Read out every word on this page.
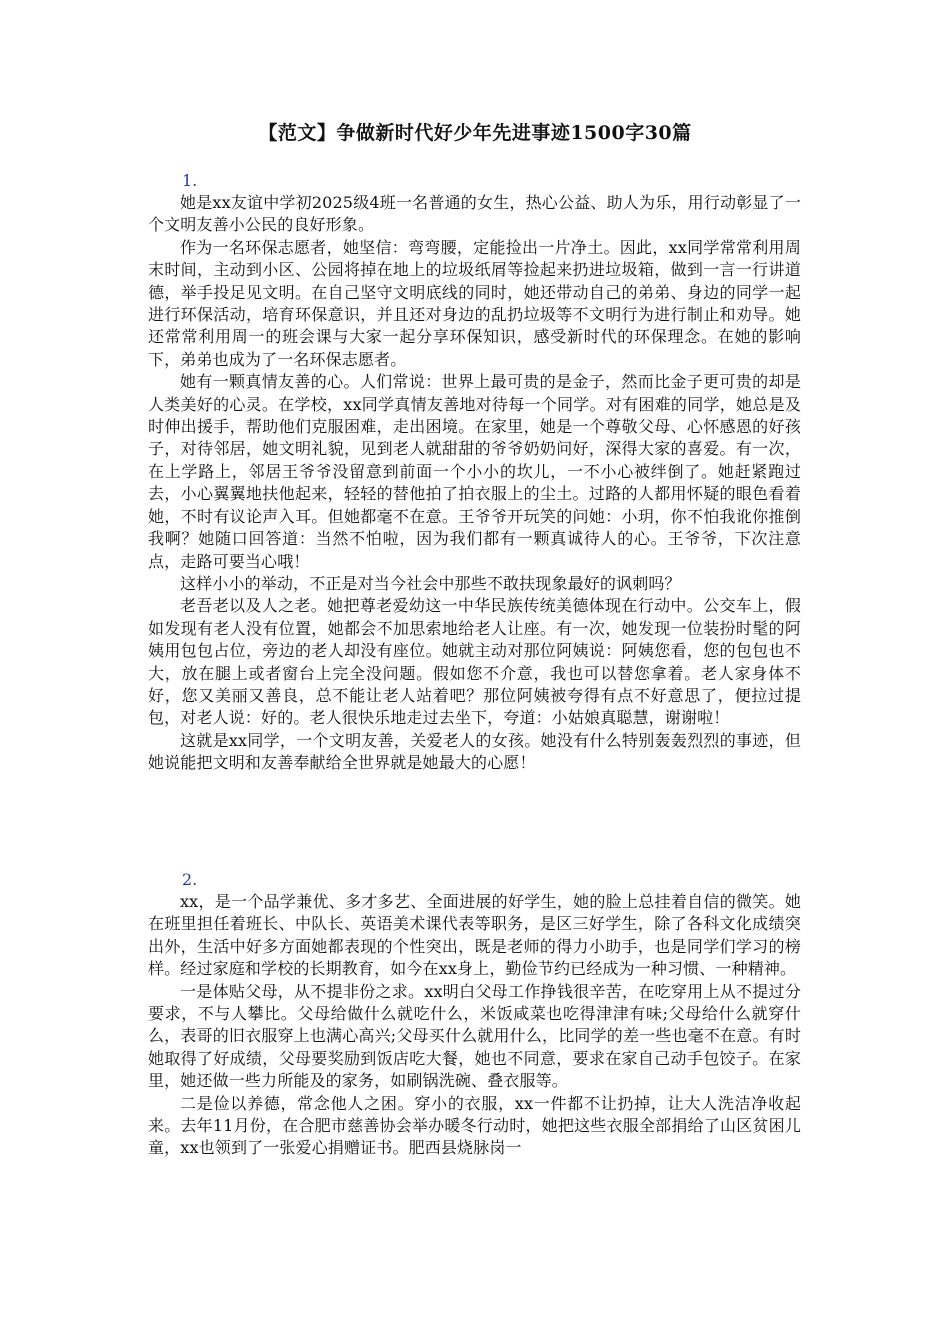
【范文】争做新时代好少年先进事迹1500字30篇
1.

她是xx友谊中学初2025级4班一名普通的女生，热心公益、助人为乐，用行动彰显了一个文明友善小公民的良好形象。

作为一名环保志愿者，她坚信：弯弯腰，定能捡出一片净土。因此，xx同学常常利用周末时间，主动到小区、公园将掉在地上的垃圾纸屑等捡起来扔进垃圾箱，做到一言一行讲道德，举手投足见文明。在自己坚守文明底线的同时，她还带动自己的弟弟、身边的同学一起进行环保活动，培育环保意识，并且还对身边的乱扔垃圾等不文明行为进行制止和劝导。她还常常利用周一的班会课与大家一起分享环保知识，感受新时代的环保理念。在她的影响下，弟弟也成为了一名环保志愿者。

她有一颗真情友善的心。人们常说：世界上最可贵的是金子，然而比金子更可贵的却是人类美好的心灵。在学校，xx同学真情友善地对待每一个同学。对有困难的同学，她总是及时伸出援手，帮助他们克服困难，走出困境。在家里，她是一个尊敬父母、心怀感恩的好孩子，对待邻居，她文明礼貌，见到老人就甜甜的爷爷奶奶问好，深得大家的喜爱。有一次，在上学路上，邻居王爷爷没留意到前面一个小小的坎儿，一不小心被绊倒了。她赶紧跑过去，小心翼翼地扶他起来，轻轻的替他拍了拍衣服上的尘土。过路的人都用怀疑的眼色看着她，不时有议论声入耳。但她都毫不在意。王爷爷开玩笑的问她：小玥，你不怕我讹你推倒我啊？她随口回答道：当然不怕啦，因为我们都有一颗真诚待人的心。王爷爷，下次注意点，走路可要当心哦！

这样小小的举动，不正是对当今社会中那些不敢扶现象最好的讽刺吗？

老吾老以及人之老。她把尊老爱幼这一中华民族传统美德体现在行动中。公交车上，假如发现有老人没有位置，她都会不加思索地给老人让座。有一次，她发现一位装扮时髦的阿姨用包包占位，旁边的老人却没有座位。她就主动对那位阿姨说：阿姨您看，您的包包也不大，放在腿上或者窗台上完全没问题。假如您不介意，我也可以替您拿着。老人家身体不好，您又美丽又善良，总不能让老人站着吧？那位阿姨被夸得有点不好意思了，便拉过提包，对老人说：好的。老人很快乐地走过去坐下，夸道：小姑娘真聪慧，谢谢啦！

这就是xx同学，一个文明友善，关爱老人的女孩。她没有什么特别轰轰烈烈的事迹，但她说能把文明和友善奉献给全世界就是她最大的心愿！

2.

xx，是一个品学兼优、多才多艺、全面进展的好学生，她的脸上总挂着自信的微笑。她在班里担任着班长、中队长、英语美术课代表等职务，是区三好学生，除了各科文化成绩突出外，生活中好多方面她都表现的个性突出，既是老师的得力小助手，也是同学们学习的榜样。经过家庭和学校的长期教育，如今在xx身上，勤俭节约已经成为一种习惯、一种精神。

一是体贴父母，从不提非份之求。xx明白父母工作挣钱很辛苦，在吃穿用上从不提过分要求，不与人攀比。父母给做什么就吃什么，米饭咸菜也吃得津津有味;父母给什么就穿什么，表哥的旧衣服穿上也满心高兴;父母买什么就用什么，比同学的差一些也毫不在意。有时她取得了好成绩，父母要奖励到饭店吃大餐，她也不同意，要求在家自己动手包饺子。在家里，她还做一些力所能及的家务，如刷锅洗碗、叠衣服等。

二是俭以养德，常念他人之困。穿小的衣服，xx一件都不让扔掉，让大人洗洁净收起来。去年11月份，在合肥市慈善协会举办暖冬行动时，她把这些衣服全部捐给了山区贫困儿童，xx也领到了一张爱心捐赠证书。肥西县烧脉岗一
